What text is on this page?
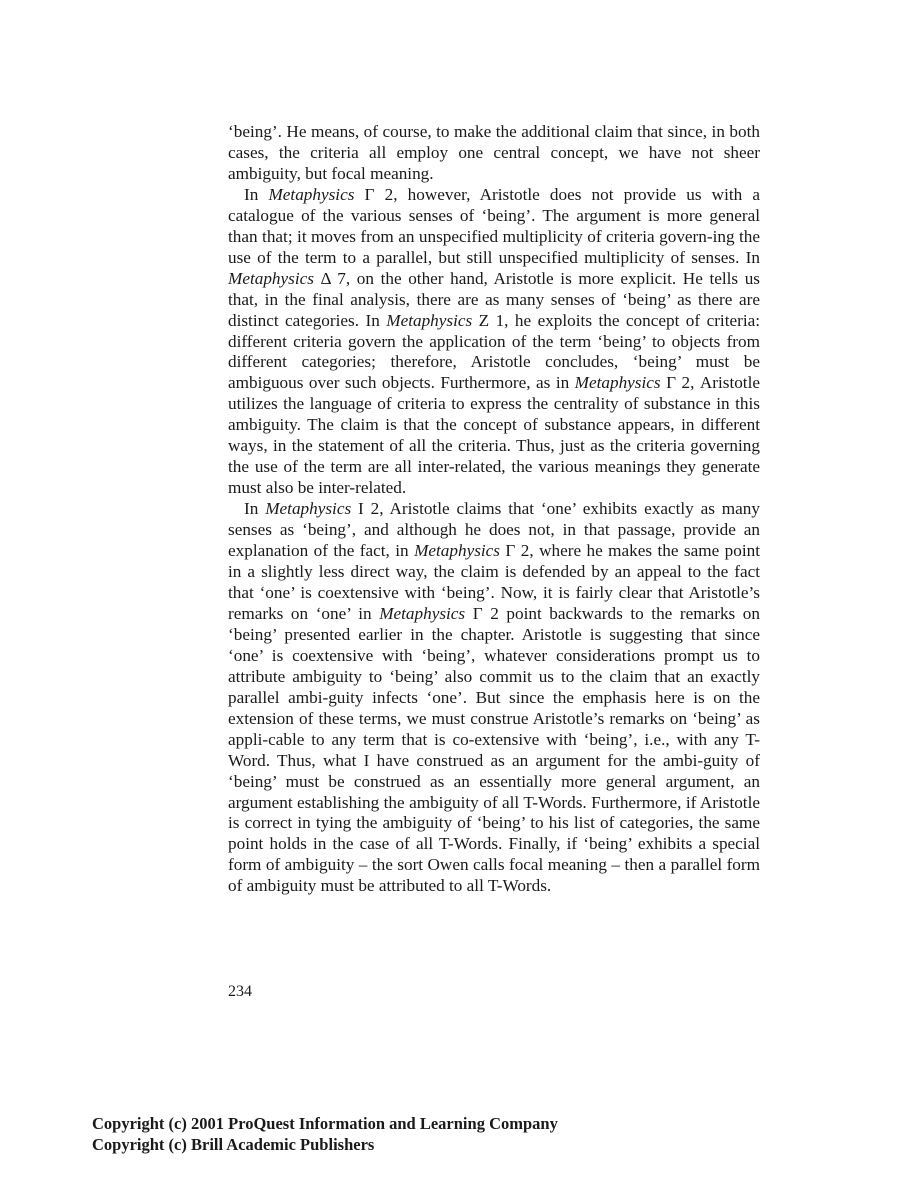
‘being’. He means, of course, to make the additional claim that since, in both cases, the criteria all employ one central concept, we have not sheer ambiguity, but focal meaning.

In Metaphysics Γ 2, however, Aristotle does not provide us with a catalogue of the various senses of ‘being’. The argument is more general than that; it moves from an unspecified multiplicity of criteria govern-ing the use of the term to a parallel, but still unspecified multiplicity of senses. In Metaphysics Δ 7, on the other hand, Aristotle is more explicit. He tells us that, in the final analysis, there are as many senses of ‘being’ as there are distinct categories. In Metaphysics Z 1, he exploits the concept of criteria: different criteria govern the application of the term ‘being’ to objects from different categories; therefore, Aristotle concludes, ‘being’ must be ambiguous over such objects. Furthermore, as in Metaphysics Γ 2, Aristotle utilizes the language of criteria to express the centrality of substance in this ambiguity. The claim is that the concept of substance appears, in different ways, in the statement of all the criteria. Thus, just as the criteria governing the use of the term are all inter-related, the various meanings they generate must also be inter-related.

In Metaphysics I 2, Aristotle claims that ‘one’ exhibits exactly as many senses as ‘being’, and although he does not, in that passage, provide an explanation of the fact, in Metaphysics Γ 2, where he makes the same point in a slightly less direct way, the claim is defended by an appeal to the fact that ‘one’ is coextensive with ‘being’. Now, it is fairly clear that Aristotle’s remarks on ‘one’ in Metaphysics Γ 2 point backwards to the remarks on ‘being’ presented earlier in the chapter. Aristotle is suggesting that since ‘one’ is coextensive with ‘being’, whatever considerations prompt us to attribute ambiguity to ‘being’ also commit us to the claim that an exactly parallel ambi-guity infects ‘one’. But since the emphasis here is on the extension of these terms, we must construe Aristotle’s remarks on ‘being’ as appli-cable to any term that is co-extensive with ‘being’, i.e., with any T-Word. Thus, what I have construed as an argument for the ambi-guity of ‘being’ must be construed as an essentially more general argument, an argument establishing the ambiguity of all T-Words. Furthermore, if Aristotle is correct in tying the ambiguity of ‘being’ to his list of categories, the same point holds in the case of all T-Words. Finally, if ‘being’ exhibits a special form of ambiguity – the sort Owen calls focal meaning – then a parallel form of ambiguity must be attributed to all T-Words.

234
Copyright (c) 2001 ProQuest Information and Learning Company
Copyright (c) Brill Academic Publishers
